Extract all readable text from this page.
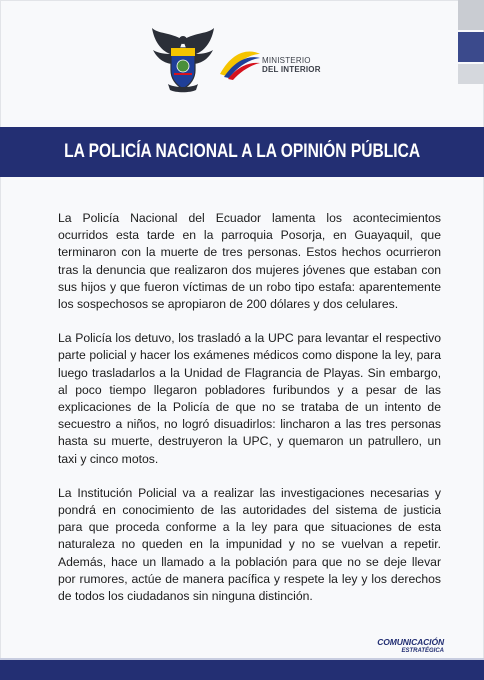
MINISTERIO
DEL INTERIOR
LA POLICÍA NACIONAL A LA OPINIÓN PÚBLICA

La Policía Nacional del Ecuador lamenta los acontecimientos ocurridos esta tarde en la parroquia Posorja, en Guayaquil, que terminaron con la muerte de tres personas. Estos hechos ocurrieron tras la denuncia que realizaron dos mujeres jóvenes que estaban con sus hijos y que fueron víctimas de un robo tipo estafa: aparentemente los sospechosos se apropiaron de 200 dólares y dos celulares.

La Policía los detuvo, los trasladó a la UPC para levantar el respectivo parte policial y hacer los exámenes médicos como dispone la ley, para luego trasladarlos a la Unidad de Flagrancia de Playas. Sin embargo, al poco tiempo llegaron pobladores furibundos y a pesar de las explicaciones de la Policía de que no se trataba de un intento de secuestro a niños, no logró disuadirlos: lincharon a las tres personas hasta su muerte, destruyeron la UPC, y quemaron un patrullero, un taxi y cinco motos.

La Institución Policial va a realizar las investigaciones necesarias y pondrá en conocimiento de las autoridades del sistema de justicia para que proceda conforme a la ley para que situaciones de esta naturaleza no queden en la impunidad y no se vuelvan a repetir. Además, hace un llamado a la población para que no se deje llevar por rumores, actúe de manera pacífica y respete la ley y los derechos de todos los ciudadanos sin ninguna distinción.

COMUNICACIÓN
ESTRATÉGICA
